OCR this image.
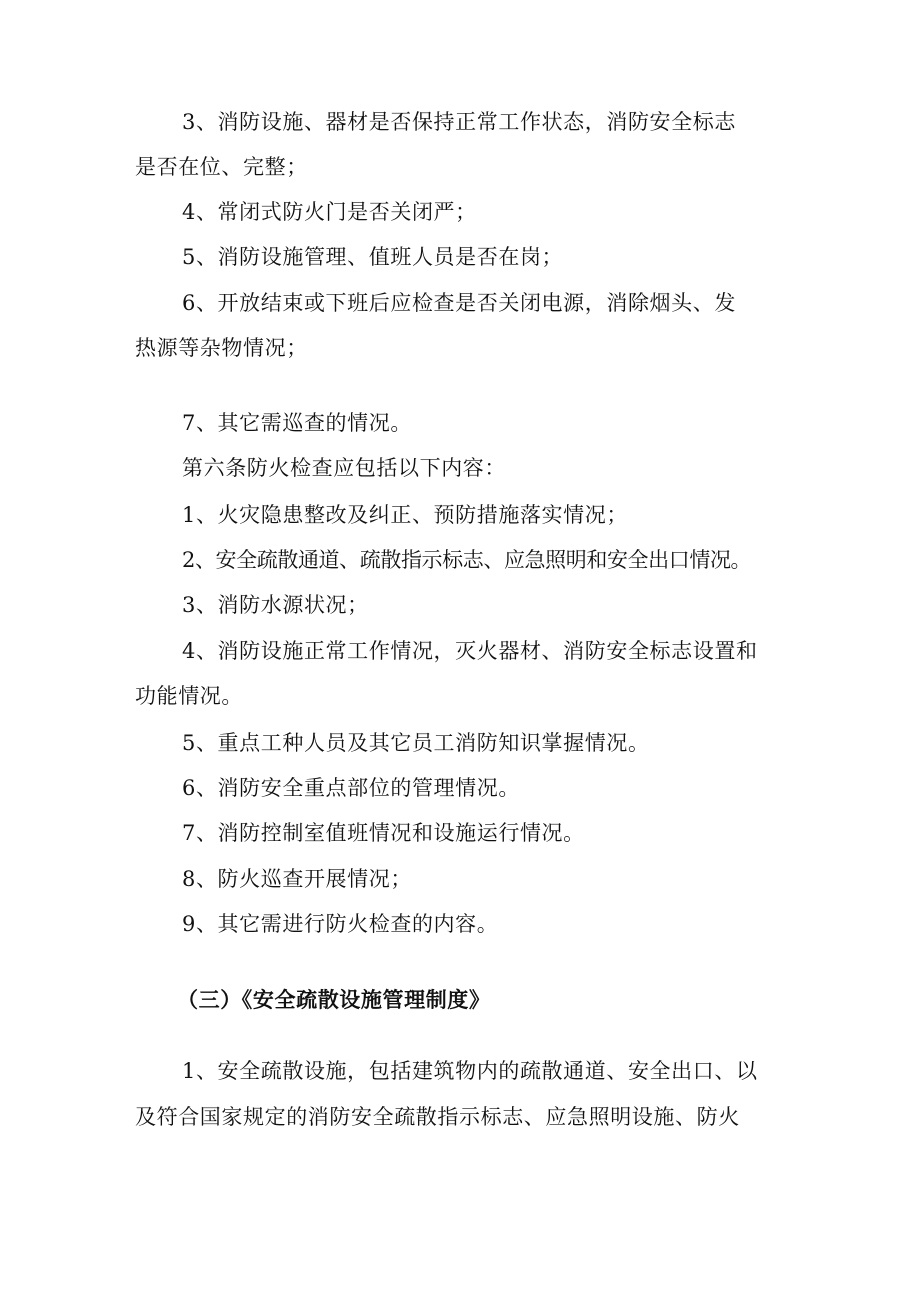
3、消防设施、器材是否保持正常工作状态，消防安全标志
是否在位、完整；
4、常闭式防火门是否关闭严；
5、消防设施管理、值班人员是否在岗；
6、开放结束或下班后应检查是否关闭电源，消除烟头、发
热源等杂物情况；
7、其它需巡查的情况。
第六条防火检查应包括以下内容：
1、火灾隐患整改及纠正、预防措施落实情况；
2、安全疏散通道、疏散指示标志、应急照明和安全出口情况。
3、消防水源状况；
4、消防设施正常工作情况，灭火器材、消防安全标志设置和
功能情况。
5、重点工种人员及其它员工消防知识掌握情况。
6、消防安全重点部位的管理情况。
7、消防控制室值班情况和设施运行情况。
8、防火巡查开展情况；
9、其它需进行防火检查的内容。
（三）《安全疏散设施管理制度》
1、安全疏散设施，包括建筑物内的疏散通道、安全出口、以
及符合国家规定的消防安全疏散指示标志、应急照明设施、防火
